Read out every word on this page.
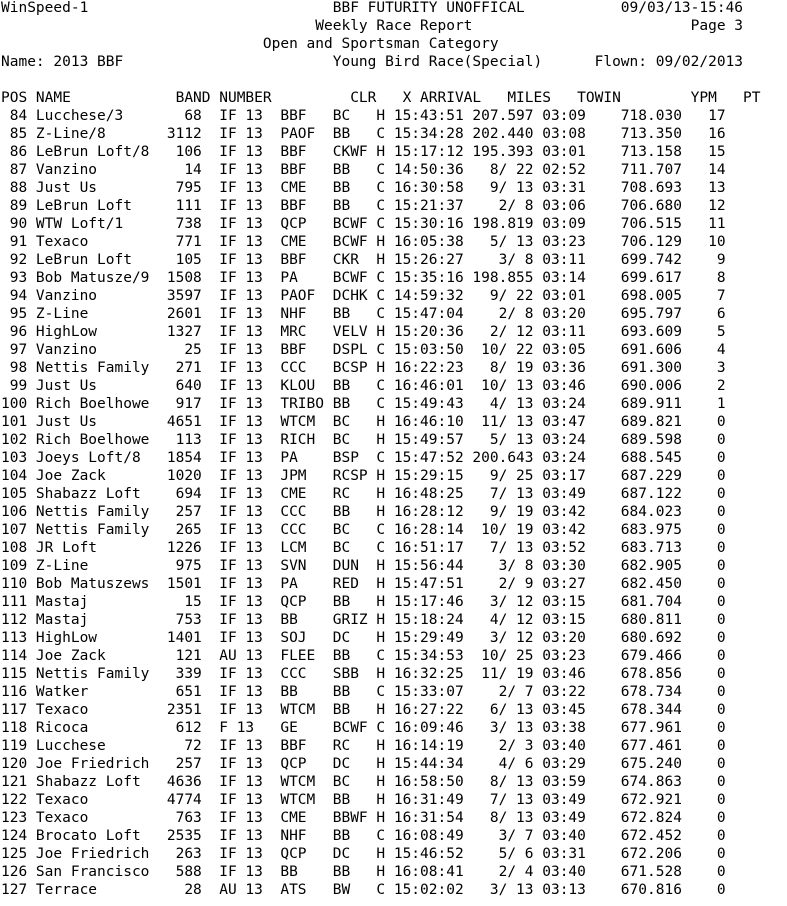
WinSpeed-1                            BBF FUTURITY UNOFFICAL           09/03/13-15:46
Weekly Race Report                         Page 3
Open and Sportsman Category
Name: 2013 BBF                        Young Bird Race(Special)      Flown: 09/02/2013
POS NAME            BAND NUMBER         CLR   X ARRIVAL   MILES   TOWIN        YPM   PT
84 Lucchese/3       68  IF 13  BBF   BC   H 15:43:51 207.597 03:09    718.030   17
85 Z-Line/8       3112  IF 13  PAOF  BB   C 15:34:28 202.440 03:08    713.350   16
86 LeBrun Loft/8   106  IF 13  BBF   CKWF H 15:17:12 195.393 03:01    713.158   15
87 Vanzino          14  IF 13  BBF   BB   C 14:50:36   8/ 22 02:52    711.707   14
88 Just Us         795  IF 13  CME   BB   C 16:30:58   9/ 13 03:31    708.693   13
89 LeBrun Loft     111  IF 13  BBF   BB   C 15:21:37    2/ 8 03:06    706.680   12
90 WTW Loft/1      738  IF 13  QCP   BCWF C 15:30:16 198.819 03:09    706.515   11
91 Texaco          771  IF 13  CME   BCWF H 16:05:38   5/ 13 03:23    706.129   10
92 LeBrun Loft     105  IF 13  BBF   CKR  H 15:26:27    3/ 8 03:11    699.742    9
93 Bob Matusze/9  1508  IF 13  PA    BCWF C 15:35:16 198.855 03:14    699.617    8
94 Vanzino        3597  IF 13  PAOF  DCHK C 14:59:32   9/ 22 03:01    698.005    7
95 Z-Line         2601  IF 13  NHF   BB   C 15:47:04    2/ 8 03:20    695.797    6
96 HighLow        1327  IF 13  MRC   VELV H 15:20:36   2/ 12 03:11    693.609    5
97 Vanzino          25  IF 13  BBF   DSPL C 15:03:50  10/ 22 03:05    691.606    4
98 Nettis Family   271  IF 13  CCC   BCSP H 16:22:23   8/ 19 03:36    691.300    3
99 Just Us         640  IF 13  KLOU  BB   C 16:46:01  10/ 13 03:46    690.006    2
100 Rich Boelhowe   917  IF 13  TRIBO BB   C 15:49:43   4/ 13 03:24    689.911    1
101 Just Us        4651  IF 13  WTCM  BC   H 16:46:10  11/ 13 03:47    689.821    0
102 Rich Boelhowe   113  IF 13  RICH  BC   H 15:49:57   5/ 13 03:24    689.598    0
103 Joeys Loft/8   1854  IF 13  PA    BSP  C 15:47:52 200.643 03:24    688.545    0
104 Joe Zack       1020  IF 13  JPM   RCSP H 15:29:15   9/ 25 03:17    687.229    0
105 Shabazz Loft    694  IF 13  CME   RC   H 16:48:25   7/ 13 03:49    687.122    0
106 Nettis Family   257  IF 13  CCC   BB   H 16:28:12   9/ 19 03:42    684.023    0
107 Nettis Family   265  IF 13  CCC   BC   C 16:28:14  10/ 19 03:42    683.975    0
108 JR Loft        1226  IF 13  LCM   BC   C 16:51:17   7/ 13 03:52    683.713    0
109 Z-Line          975  IF 13  SVN   DUN  H 15:56:44    3/ 8 03:30    682.905    0
110 Bob Matuszews  1501  IF 13  PA    RED  H 15:47:51    2/ 9 03:27    682.450    0
111 Mastaj           15  IF 13  QCP   BB   H 15:17:46   3/ 12 03:15    681.704    0
112 Mastaj          753  IF 13  BB    GRIZ H 15:18:24   4/ 12 03:15    680.811    0
113 HighLow        1401  IF 13  SOJ   DC   H 15:29:49   3/ 12 03:20    680.692    0
114 Joe Zack        121  AU 13  FLEE  BB   C 15:34:53  10/ 25 03:23    679.466    0
115 Nettis Family   339  IF 13  CCC   SBB  H 16:32:25  11/ 19 03:46    678.856    0
116 Watker          651  IF 13  BB    BB   C 15:33:07    2/ 7 03:22    678.734    0
117 Texaco         2351  IF 13  WTCM  BB   H 16:27:22   6/ 13 03:45    678.344    0
118 Ricoca          612  F 13   GE    BCWF C 16:09:46   3/ 13 03:38    677.961    0
119 Lucchese         72  IF 13  BBF   RC   H 16:14:19    2/ 3 03:40    677.461    0
120 Joe Friedrich   257  IF 13  QCP   DC   H 15:44:34    4/ 6 03:29    675.240    0
121 Shabazz Loft   4636  IF 13  WTCM  BC   H 16:58:50   8/ 13 03:59    674.863    0
122 Texaco         4774  IF 13  WTCM  BB   H 16:31:49   7/ 13 03:49    672.921    0
123 Texaco          763  IF 13  CME   BBWF H 16:31:54   8/ 13 03:49    672.824    0
124 Brocato Loft   2535  IF 13  NHF   BB   C 16:08:49    3/ 7 03:40    672.452    0
125 Joe Friedrich   263  IF 13  QCP   DC   H 15:46:52    5/ 6 03:31    672.206    0
126 San Francisco   588  IF 13  BB    BB   H 16:08:41    2/ 4 03:40    671.528    0
127 Terrace          28  AU 13  ATS   BW   C 15:02:02   3/ 13 03:13    670.816    0
